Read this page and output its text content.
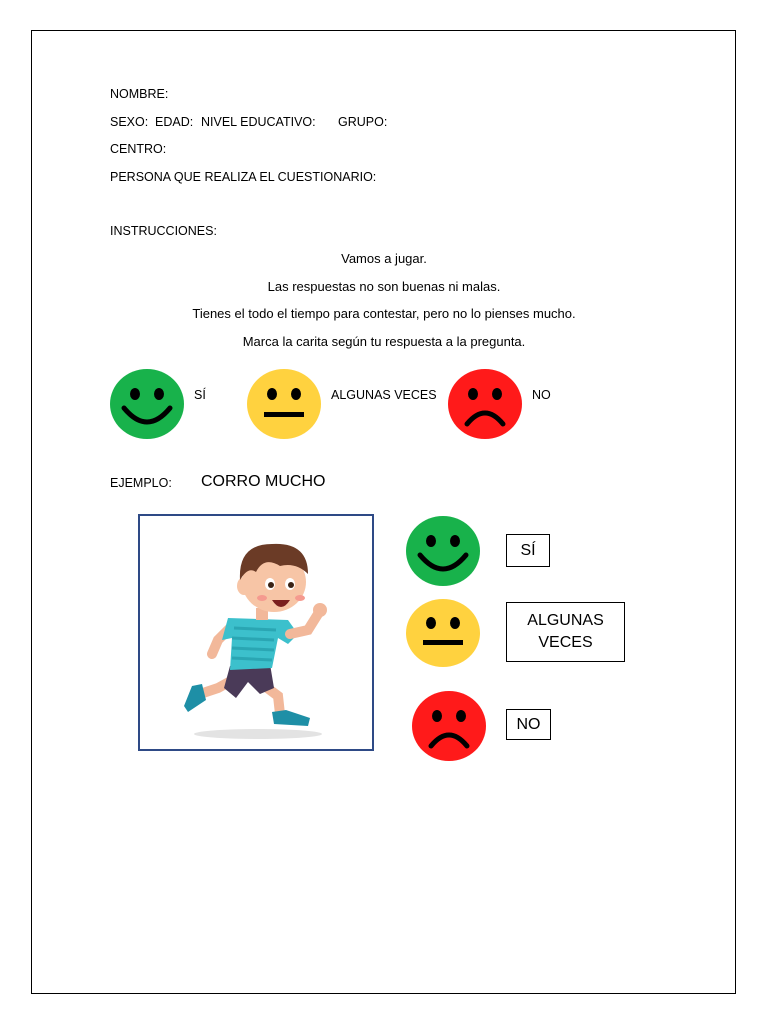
NOMBRE:
SEXO: EDAD: NIVEL EDUCATIVO: GRUPO:
CENTRO:
PERSONA QUE REALIZA EL CUESTIONARIO:
INSTRUCCIONES:
Vamos a jugar.
Las respuestas no son buenas ni malas.
Tienes el todo el tiempo para contestar, pero no lo pienses mucho.
Marca la carita según tu respuesta a la pregunta.
SÍ	ALGUNAS VECES	NO
EJEMPLO: CORRO MUCHO
SÍ
ALGUNAS VECES
NO
